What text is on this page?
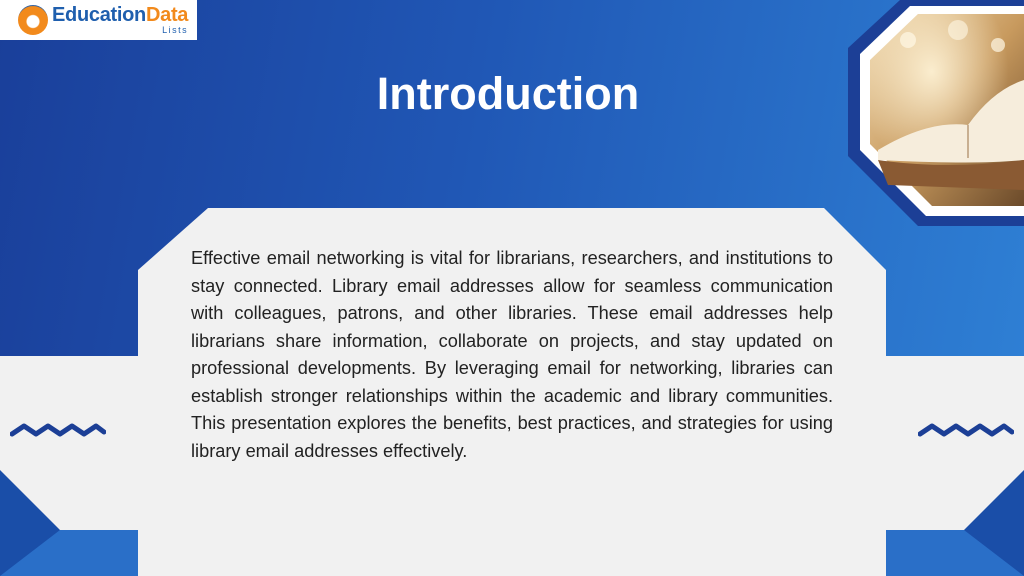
EducationData
Lists
Introduction

Effective email networking is vital for librarians, researchers, and institutions to stay connected. Library email addresses allow for seamless communication with colleagues, patrons, and other libraries. These email addresses help librarians share information, collaborate on projects, and stay updated on professional developments. By leveraging email for networking, libraries can establish stronger relationships within the academic and library communities. This presentation explores the benefits, best practices, and strategies for using library email addresses effectively.
